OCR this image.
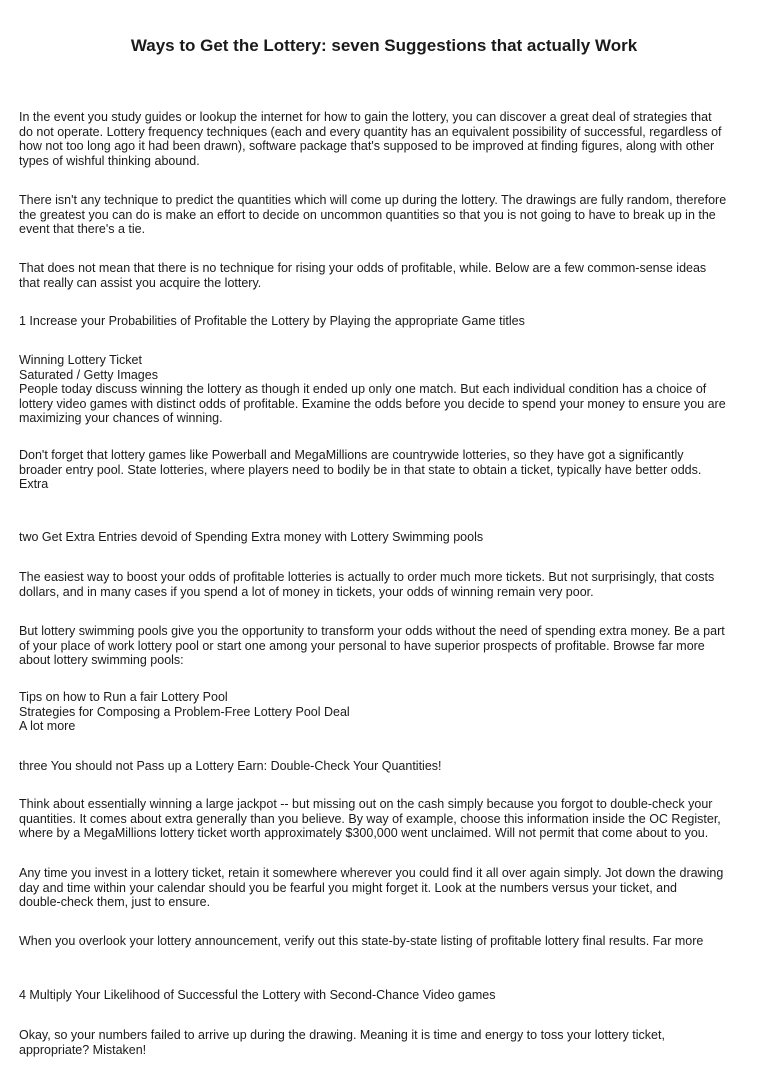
Ways to Get the Lottery: seven Suggestions that actually Work

In the event you study guides or lookup the internet for how to gain the lottery, you can discover a great deal of strategies that
do not operate. Lottery frequency techniques (each and every quantity has an equivalent possibility of successful, regardless of
how not too long ago it had been drawn), software package that's supposed to be improved at finding figures, along with other
types of wishful thinking abound.

There isn't any technique to predict the quantities which will come up during the lottery. The drawings are fully random, therefore
the greatest you can do is make an effort to decide on uncommon quantities so that you is not going to have to break up in the
event that there's a tie.

That does not mean that there is no technique for rising your odds of profitable, while. Below are a few common-sense ideas
that really can assist you acquire the lottery.

1 Increase your Probabilities of Profitable the Lottery by Playing the appropriate Game titles

Winning Lottery Ticket
Saturated / Getty Images
People today discuss winning the lottery as though it ended up only one match. But each individual condition has a choice of
lottery video games with distinct odds of profitable. Examine the odds before you decide to spend your money to ensure you are
maximizing your chances of winning.

Don't forget that lottery games like Powerball and MegaMillions are countrywide lotteries, so they have got a significantly
broader entry pool. State lotteries, where players need to bodily be in that state to obtain a ticket, typically have better odds.
Extra

two Get Extra Entries devoid of Spending Extra money with Lottery Swimming pools

The easiest way to boost your odds of profitable lotteries is actually to order much more tickets. But not surprisingly, that costs
dollars, and in many cases if you spend a lot of money in tickets, your odds of winning remain very poor.

But lottery swimming pools give you the opportunity to transform your odds without the need of spending extra money. Be a part
of your place of work lottery pool or start one among your personal to have superior prospects of profitable. Browse far more
about lottery swimming pools:

Tips on how to Run a fair Lottery Pool
Strategies for Composing a Problem-Free Lottery Pool Deal
A lot more

three You should not Pass up a Lottery Earn: Double-Check Your Quantities!

Think about essentially winning a large jackpot -- but missing out on the cash simply because you forgot to double-check your
quantities. It comes about extra generally than you believe. By way of example, choose this information inside the OC Register,
where by a MegaMillions lottery ticket worth approximately $300,000 went unclaimed. Will not permit that come about to you.

Any time you invest in a lottery ticket, retain it somewhere wherever you could find it all over again simply. Jot down the drawing
day and time within your calendar should you be fearful you might forget it. Look at the numbers versus your ticket, and
double-check them, just to ensure.

When you overlook your lottery announcement, verify out this state-by-state listing of profitable lottery final results. Far more

4 Multiply Your Likelihood of Successful the Lottery with Second-Chance Video games

Okay, so your numbers failed to arrive up during the drawing. Meaning it is time and energy to toss your lottery ticket,
appropriate? Mistaken!
